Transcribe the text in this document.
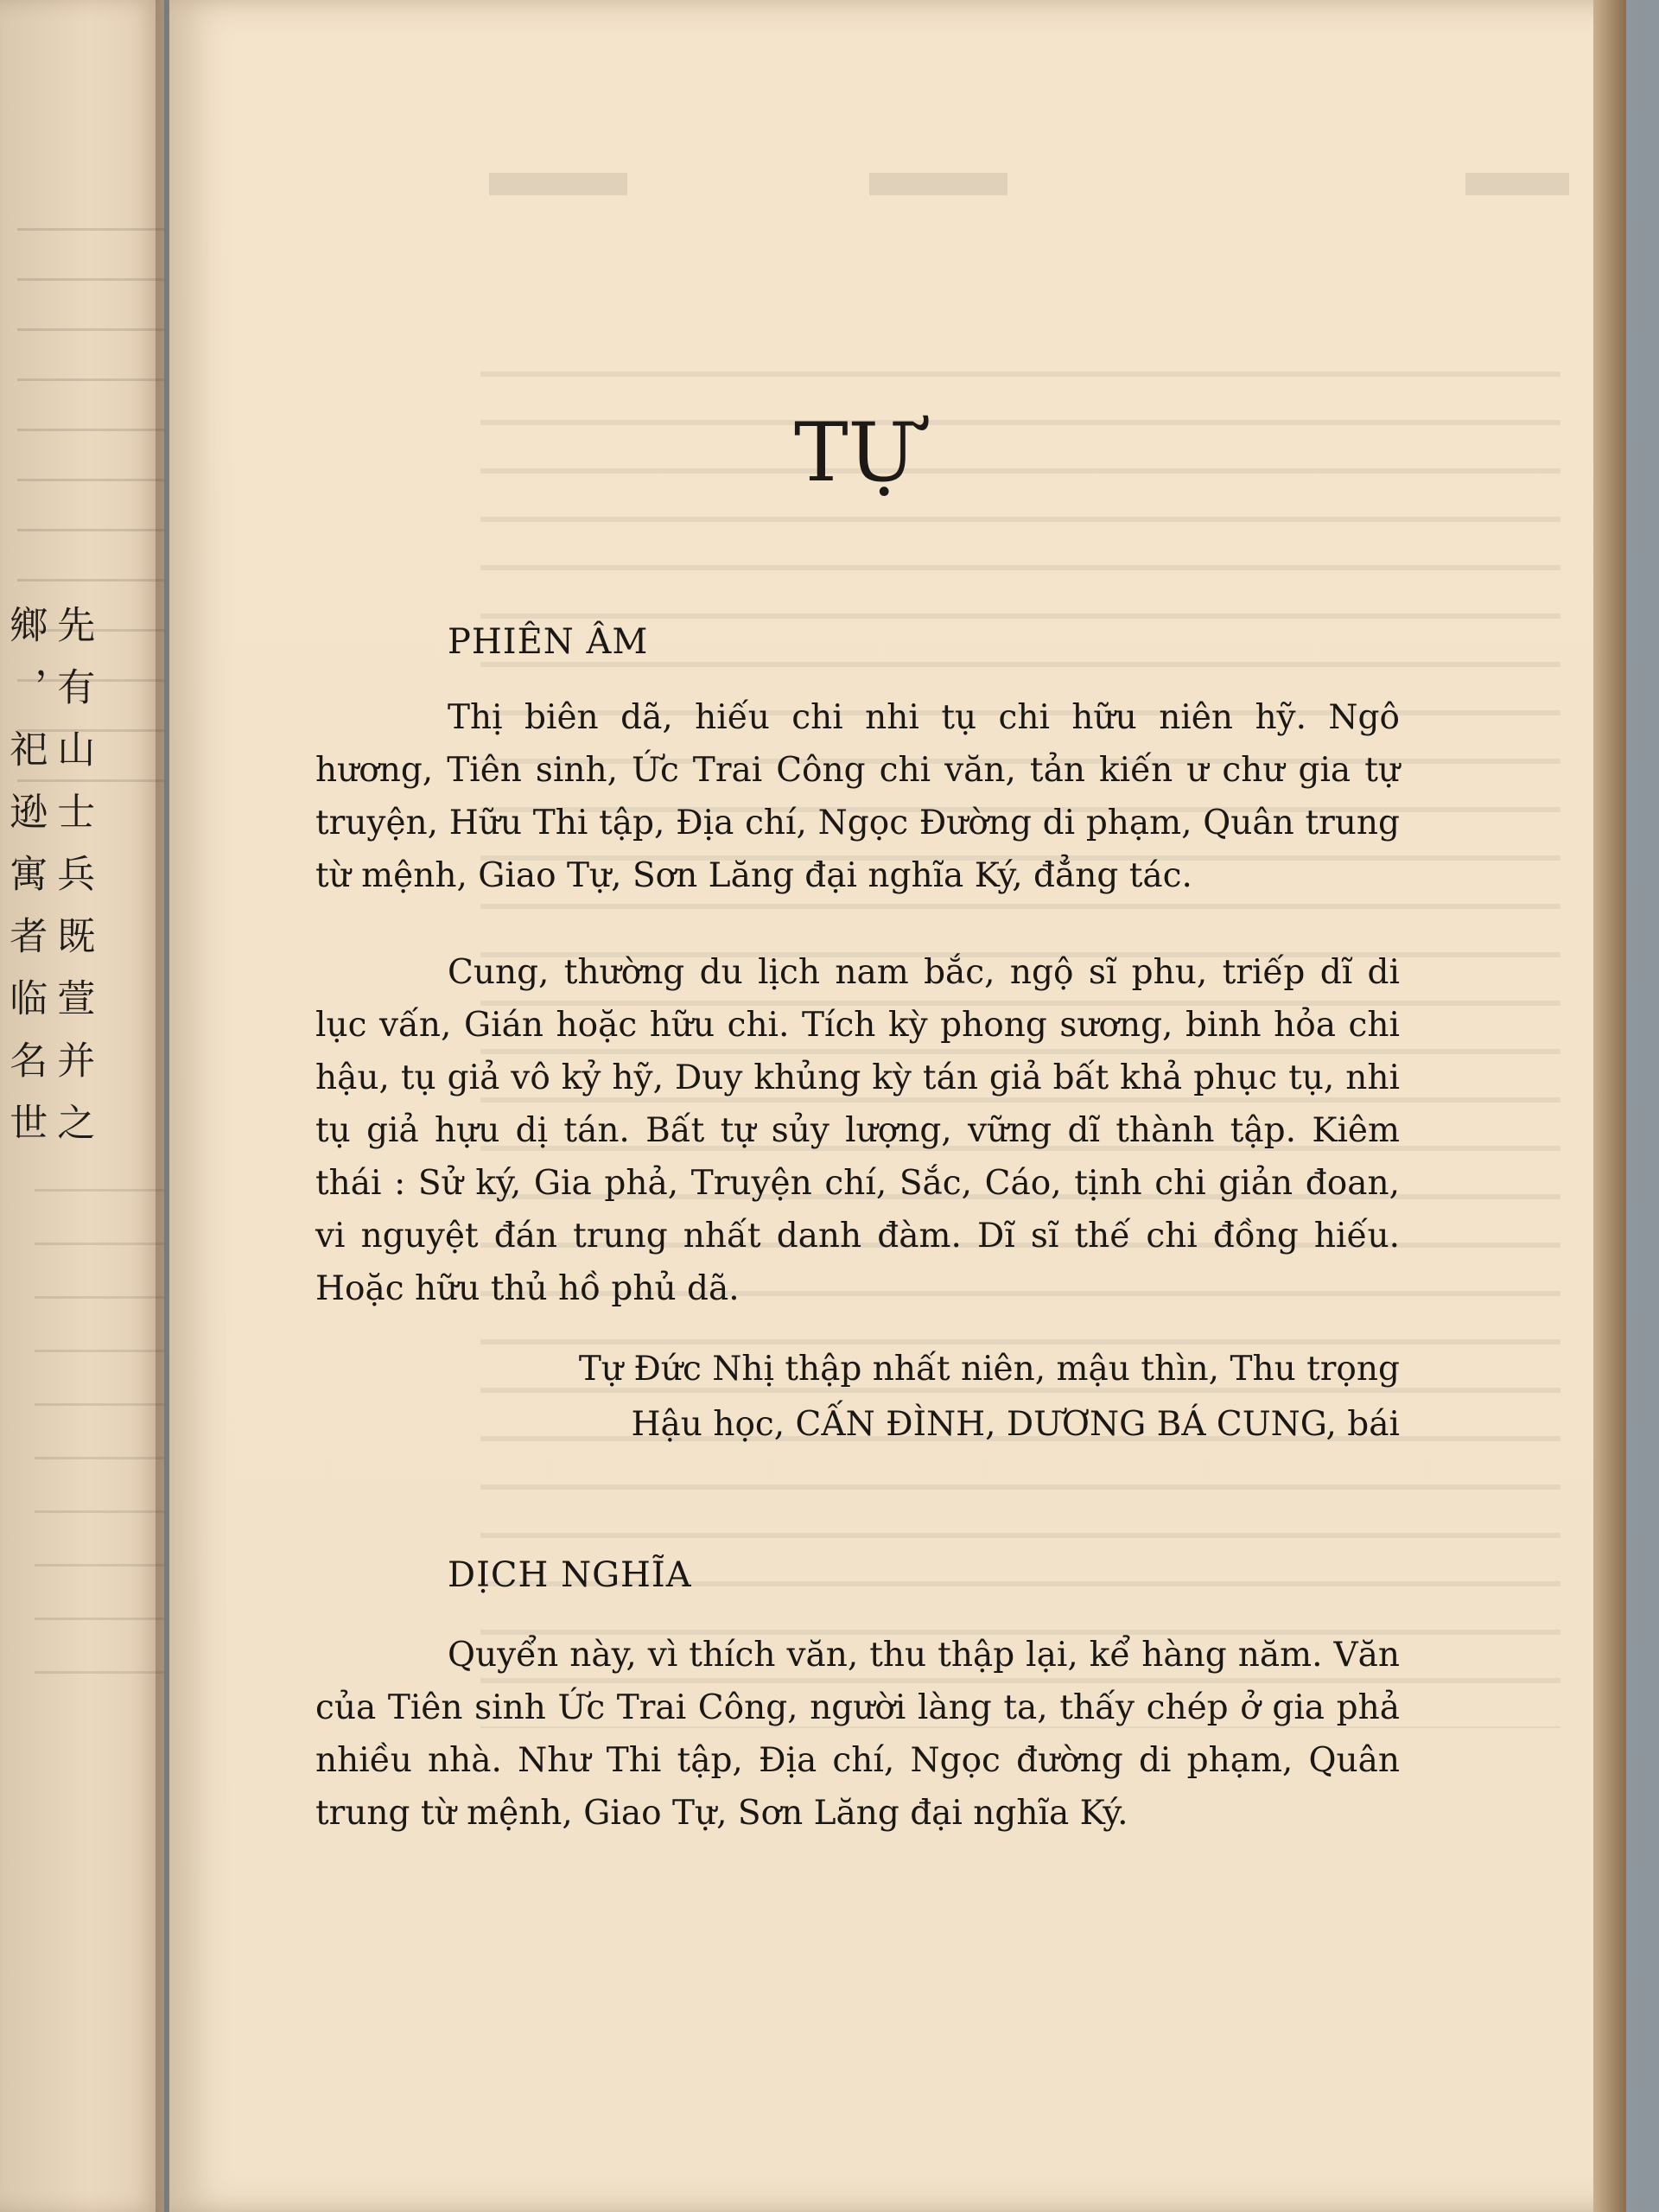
先有山士兵既萱并之
鄉，祀逊寓者临名世
TỰ
PHIÊN ÂM

Thị biên dã, hiếu chi nhi tụ chi hữu niên hỹ. Ngô hương, Tiên sinh, Ức Trai Công chi văn, tản kiến ư chư gia tự truyện, Hữu Thi tập, Địa chí, Ngọc Đường di phạm, Quân trung từ mệnh, Giao Tự, Sơn Lăng đại nghĩa Ký, đẳng tác.

Cung, thường du lịch nam bắc, ngộ sĩ phu, triếp dĩ di lục vấn, Gián hoặc hữu chi. Tích kỳ phong sương, binh hỏa chi hậu, tụ giả vô kỷ hỹ, Duy khủng kỳ tán giả bất khả phục tụ, nhi tụ giả hựu dị tán. Bất tự sủy lượng, vững dĩ thành tập. Kiêm thái : Sử ký, Gia phả, Truyện chí, Sắc, Cáo, tịnh chi giản đoan, vi nguyệt đán trung nhất danh đàm. Dĩ sĩ thế chi đồng hiếu. Hoặc hữu thủ hồ phủ dã.

Tự Đức Nhị thập nhất niên, mậu thìn, Thu trọng
Hậu học, CẤN ĐÌNH, DƯƠNG BÁ CUNG, bái
DỊCH NGHĨA

Quyển này, vì thích văn, thu thập lại, kể hàng năm. Văn của Tiên sinh Ức Trai Công, người làng ta, thấy chép ở gia phả nhiều nhà. Như Thi tập, Địa chí, Ngọc đường di phạm, Quân trung từ mệnh, Giao Tự, Sơn Lăng đại nghĩa Ký.
